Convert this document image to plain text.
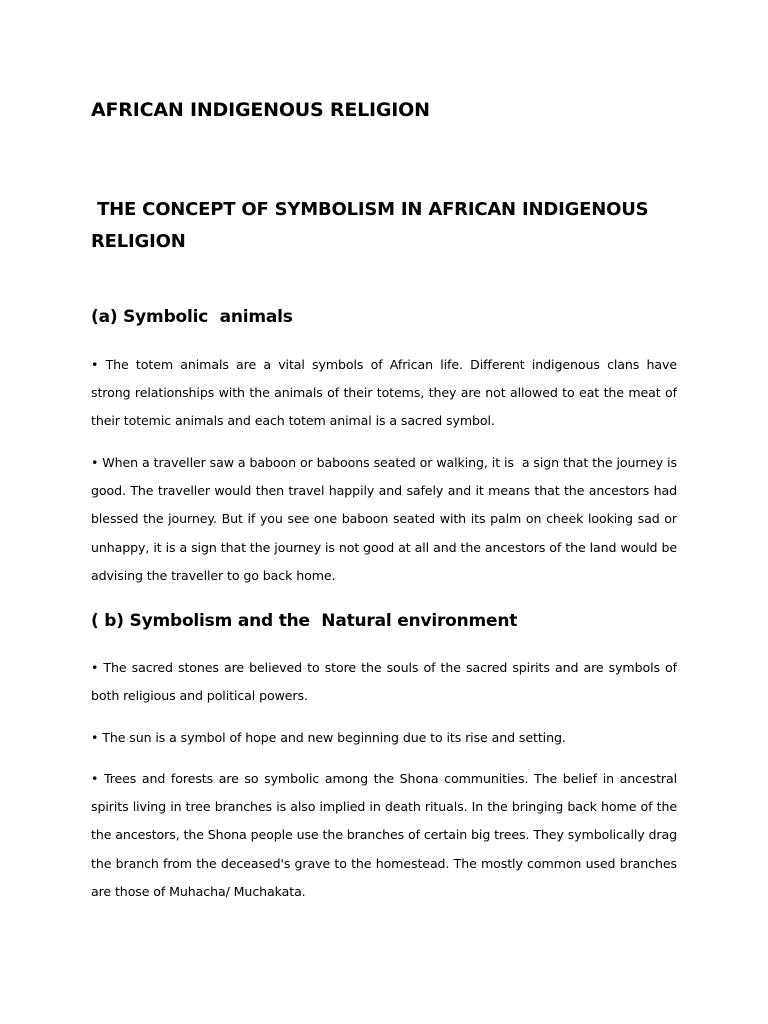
AFRICAN INDIGENOUS RELIGION
THE CONCEPT OF SYMBOLISM IN AFRICAN INDIGENOUS RELIGION
(a) Symbolic  animals

• The totem animals are a vital symbols of African life. Different indigenous clans have  strong relationships with the animals of their totems, they are not allowed to eat the meat of their totemic animals and each totem animal is a sacred symbol.

• When a traveller saw a baboon or baboons seated or walking, it is  a sign that the journey is good. The traveller would then travel happily and safely and it means that the ancestors had blessed the journey. But if you see one baboon seated with its palm on cheek looking sad or unhappy, it is a sign that the journey is not good at all and the ancestors of the land would be advising the traveller to go back home.

( b) Symbolism and the  Natural environment

• The sacred stones are believed to store the souls of the sacred spirits and are symbols of both religious and political powers.

• The sun is a symbol of hope and new beginning due to its rise and setting.

• Trees and forests are so symbolic among the Shona communities. The belief in ancestral spirits living in tree branches is also implied in death rituals. In the bringing back home of the the ancestors, the Shona people use the branches of certain big trees. They symbolically drag the branch from the deceased's grave to the homestead. The mostly common used branches are those of Muhacha/ Muchakata.
